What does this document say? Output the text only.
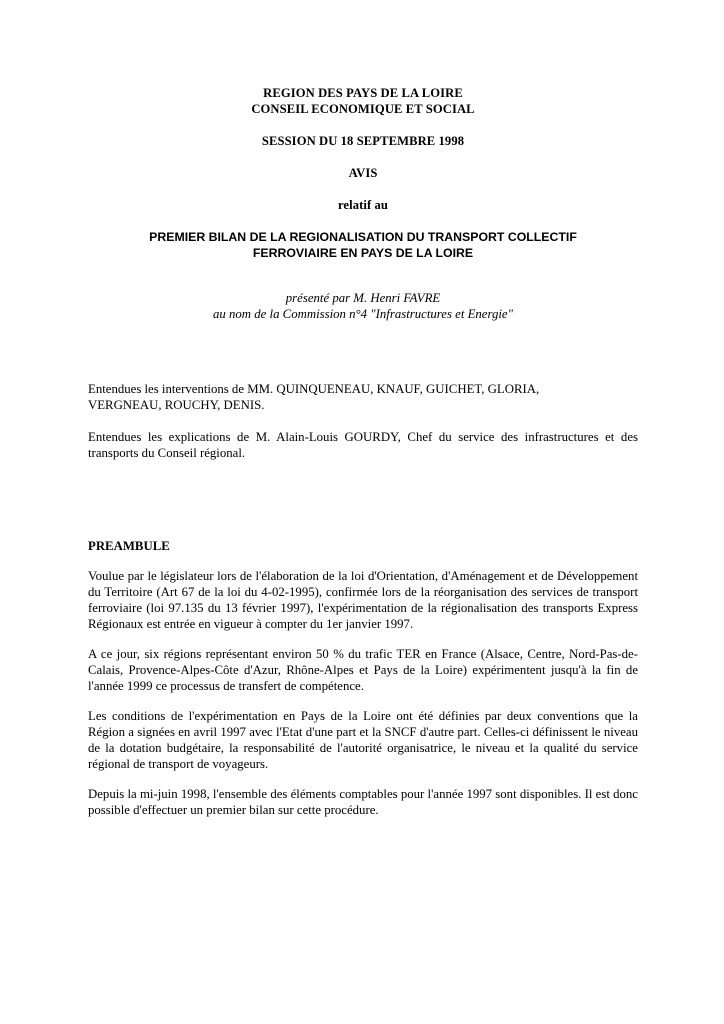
REGION DES PAYS DE LA LOIRE
CONSEIL ECONOMIQUE ET SOCIAL
SESSION DU 18 SEPTEMBRE 1998
AVIS
relatif au
PREMIER BILAN DE LA REGIONALISATION DU TRANSPORT COLLECTIF
FERROVIAIRE EN PAYS DE LA LOIRE
présenté par M. Henri FAVRE
au nom de la Commission n°4 "Infrastructures et Energie"
Entendues les interventions de MM. QUINQUENEAU, KNAUF, GUICHET, GLORIA, VERGNEAU, ROUCHY, DENIS.
Entendues les explications de M. Alain-Louis GOURDY, Chef du service des infrastructures et des transports du Conseil régional.
PREAMBULE
Voulue par le législateur lors de l'élaboration de la loi d'Orientation, d'Aménagement et de Développement du Territoire (Art 67 de la loi du 4-02-1995), confirmée lors de la réorganisation des services de transport ferroviaire (loi 97.135 du 13 février 1997), l'expérimentation de la régionalisation des transports Express Régionaux est entrée en vigueur à compter du 1er janvier 1997.
A ce jour, six régions représentant environ 50 % du trafic TER en France (Alsace, Centre, Nord-Pas-de-Calais, Provence-Alpes-Côte d'Azur, Rhône-Alpes et Pays de la Loire) expérimentent jusqu'à la fin de l'année 1999 ce processus de transfert de compétence.
Les conditions de l'expérimentation en Pays de la Loire ont été définies par deux conventions que la Région a signées en avril 1997 avec l'Etat d'une part et la SNCF d'autre part. Celles-ci définissent le niveau de la dotation budgétaire, la responsabilité de l'autorité organisatrice, le niveau et la qualité du service régional de transport de voyageurs.
Depuis la mi-juin 1998, l'ensemble des éléments comptables pour l'année 1997 sont disponibles. Il est donc possible d'effectuer un premier bilan sur cette procédure.
